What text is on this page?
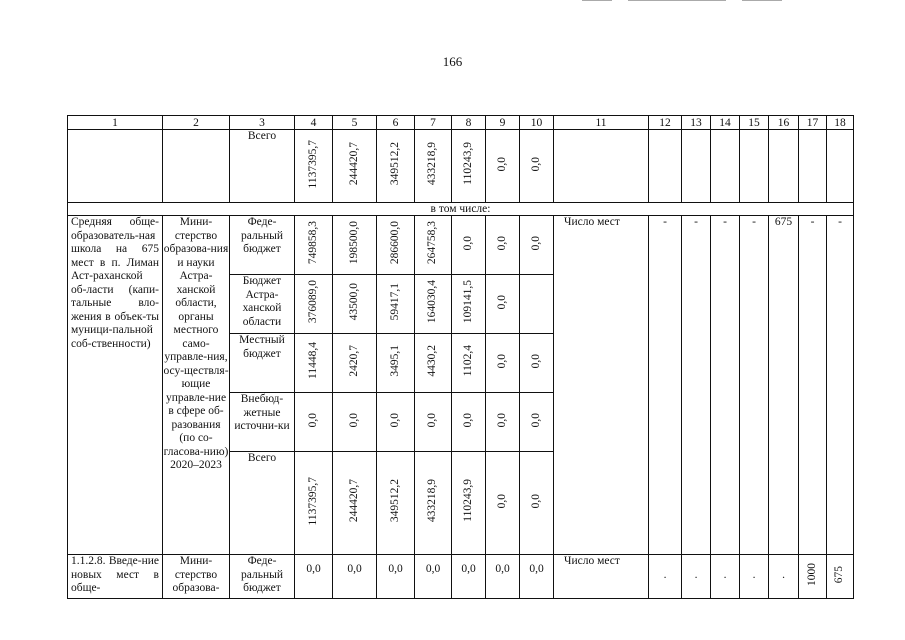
166
1	2	3	4	5	6	7	8	9	10	11	12	13	14	15	16	17	18
		Всего	1137395,7	244420,7	349512,2	433218,9	110243,9	0,0	0,0								
в том числе:																	
Средняя обще-образователь-ная школа на 675 мест в п. Лиман Аст-раханской об-ласти (капи-тальные вло-жения в объек-ты муници-пальной соб-ственности)	Мини-стерство образова-ния и науки Астра-ханской области, органы местного само-управле-ния, осу-ществля-ющие управле-ние в сфере об-разования (по со-гласова-нию) 2020–2023	Феде-ральный бюджет	749858,3	198500,0	286600,0	264758,3	0,0	0,0	0,0	Число мест	-	-	-	-	675	-	-
		Бюджет Астра-ханской области	376089,0	43500,0	59417,1	164030,4	109141,5	0,0									
		Местный бюджет	11448,4	2420,7	3495,1	4430,2	1102,4	0,0	0,0								
		Внебюд-жетные источни-ки	0,0	0,0	0,0	0,0	0,0	0,0	0,0								
		Всего	1137395,7	244420,7	349512,2	433218,9	110243,9	0,0	0,0								
1.1.2.8. Введе-ние новых мест в обще-	Мини-стерство образова-	Феде-ральный бюджет	0,0	0,0	0,0	0,0	0,0	0,0	0,0	Число мест	.	.	.	.	.	1000	675
